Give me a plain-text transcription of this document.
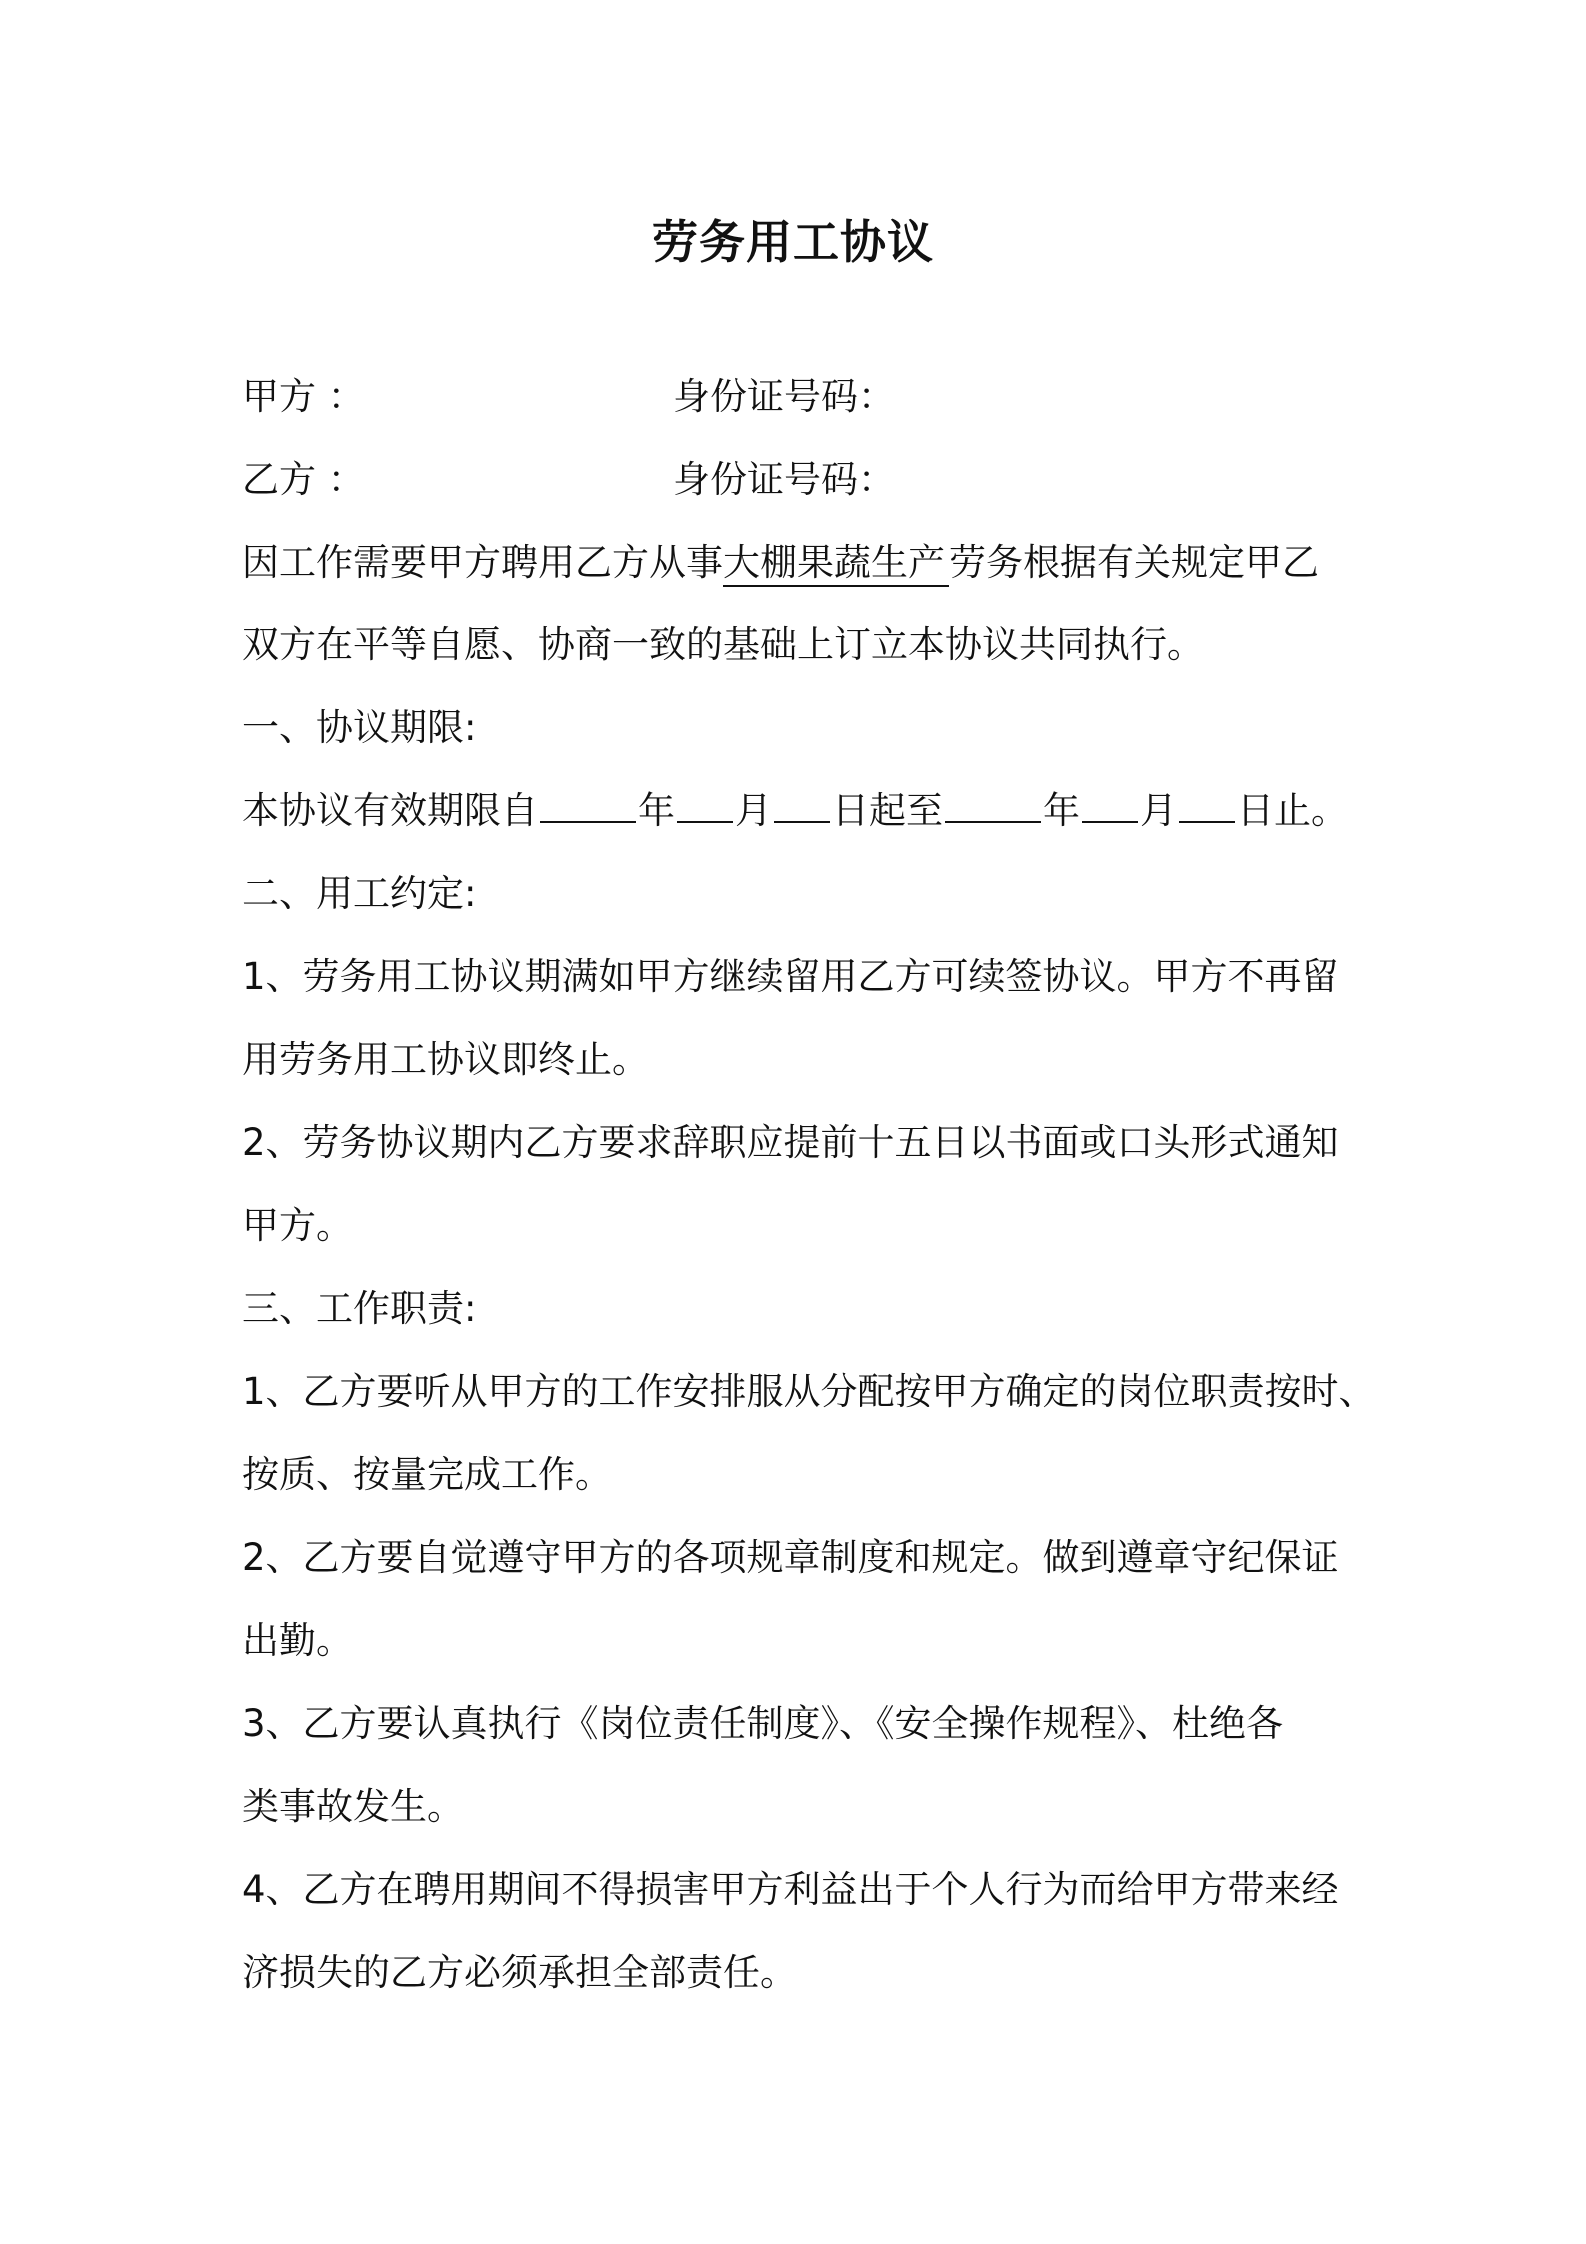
劳务用工协议
甲方 ：	身份证号码：
乙方 ：	身份证号码：
因工作需要甲方聘用乙方从事大棚果蔬生产 劳务根据有关规定甲乙
双方在平等自愿、协商一致的基础上订立本协议共同执行。
一、协议期限:
本协议有效期限自	年 月 日起至	年 月 日止。
二、用工约定:
1、劳务用工协议期满如甲方继续留用乙方可续签协议。甲方不再留
用劳务用工协议即终止。
2、劳务协议期内乙方要求辞职应提前十五日以书面或口头形式通知
甲方。
三、工作职责:
1、乙方要听从甲方的工作安排服从分配按甲方确定的岗位职责按时、
按质、按量完成工作。
2、乙方要自觉遵守甲方的各项规章制度和规定。做到遵章守纪保证
出勤。
3、乙方要认真执行《岗位责任制度》、《安全操作规程》、杜绝各
类事故发生。
4、乙方在聘用期间不得损害甲方利益出于个人行为而给甲方带来经
济损失的乙方必须承担全部责任。
